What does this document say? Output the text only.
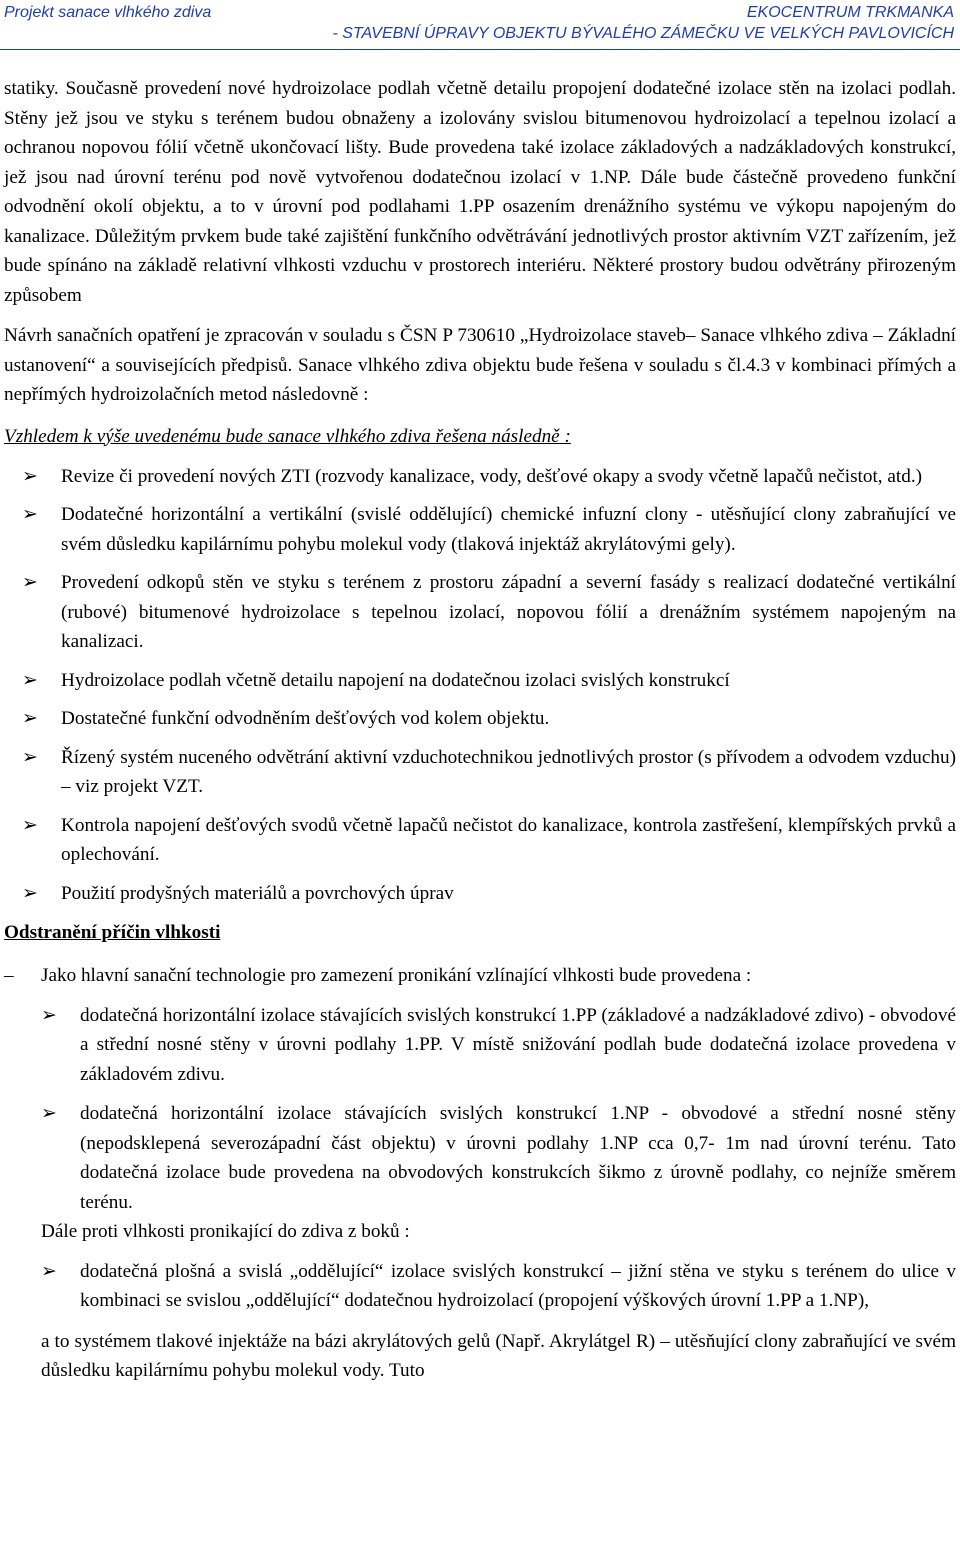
Projekt sanace vlhkého zdiva	EKOCENTRUM TRKMANKA
- STAVEBNÍ ÚPRAVY OBJEKTU BÝVALÉHO ZÁMEČKU VE VELKÝCH PAVLOVICÍCH

statiky. Současně provedení nové hydroizolace podlah včetně detailu propojení dodatečné izolace stěn na izolaci podlah. Stěny jež jsou ve styku s terénem budou obnaženy a izolovány svislou bitumenovou hydroizolací a tepelnou izolací a ochranou nopovou fólií včetně ukončovací lišty. Bude provedena také izolace základových a nadzákladových konstrukcí, jež jsou nad úrovní terénu pod nově vytvořenou dodatečnou izolací v 1.NP. Dále bude částečně provedeno funkční odvodnění okolí objektu, a to v úrovní pod podlahami 1.PP osazením drenážního systému ve výkopu napojeným do kanalizace. Důležitým prvkem bude také zajištění funkčního odvětrávání jednotlivých prostor aktivním VZT zařízením, jež bude spínáno na základě relativní vlhkosti vzduchu v prostorech interiéru. Některé prostory budou odvětrány přirozeným způsobem

Návrh sanačních opatření je zpracován v souladu s ČSN P 730610 „Hydroizolace staveb– Sanace vlhkého zdiva – Základní ustanovení“ a souvisejících předpisů. Sanace vlhkého zdiva objektu bude řešena v souladu s čl.4.3 v kombinaci přímých a nepřímých hydroizolačních metod následovně :

Vzhledem k výše uvedenému bude sanace vlhkého zdiva řešena následně :

➢ Revize či provedení nových ZTI (rozvody kanalizace, vody, dešťové okapy a svody včetně lapačů nečistot, atd.)
➢ Dodatečné horizontální a vertikální (svislé oddělující) chemické infuzní clony - utěsňující clony zabraňující ve svém důsledku kapilárnímu pohybu molekul vody (tlaková injektáž akrylátovými gely).
➢ Provedení odkopů stěn ve styku s terénem z prostoru západní a severní fasády s realizací dodatečné vertikální (rubové) bitumenové hydroizolace s tepelnou izolací, nopovou fólií a drenážním systémem napojeným na kanalizaci.
➢ Hydroizolace podlah včetně detailu napojení na dodatečnou izolaci svislých konstrukcí
➢ Dostatečné funkční odvodněním dešťových vod kolem objektu.
➢ Řízený systém nuceného odvětrání aktivní vzduchotechnikou jednotlivých prostor (s přívodem a odvodem vzduchu) – viz projekt VZT.
➢ Kontrola napojení dešťových svodů včetně lapačů nečistot do kanalizace, kontrola zastřešení, klempířských prvků a oplechování.
➢ Použití prodyšných materiálů a povrchových úprav

Odstranění příčin vlhkosti

– Jako hlavní sanační technologie pro zamezení pronikání vzlínající vlhkosti bude provedena :
➢ dodatečná horizontální izolace stávajících svislých konstrukcí 1.PP (základové a nadzákladové zdivo) - obvodové a střední nosné stěny v úrovni podlahy 1.PP. V místě snižování podlah bude dodatečná izolace provedena v základovém zdivu.
➢ dodatečná horizontální izolace stávajících svislých konstrukcí 1.NP - obvodové a střední nosné stěny (nepodsklepená severozápadní část objektu) v úrovni podlahy 1.NP cca 0,7- 1m nad úrovní terénu. Tato dodatečná izolace bude provedena na obvodových konstrukcích šikmo z úrovně podlahy, co nejníže směrem terénu.

Dále proti vlhkosti pronikající do zdiva z boků :

➢ dodatečná plošná a svislá „oddělující“ izolace svislých konstrukcí – jižní stěna ve styku s terénem do ulice v kombinaci se svislou „oddělující“ dodatečnou hydroizolací (propojení výškových úrovní 1.PP a 1.NP),

a to systémem tlakové injektáže na bázi akrylátových gelů (Např. Akrylátgel R) – utěsňující clony zabraňující ve svém důsledku kapilárnímu pohybu molekul vody. Tuto
